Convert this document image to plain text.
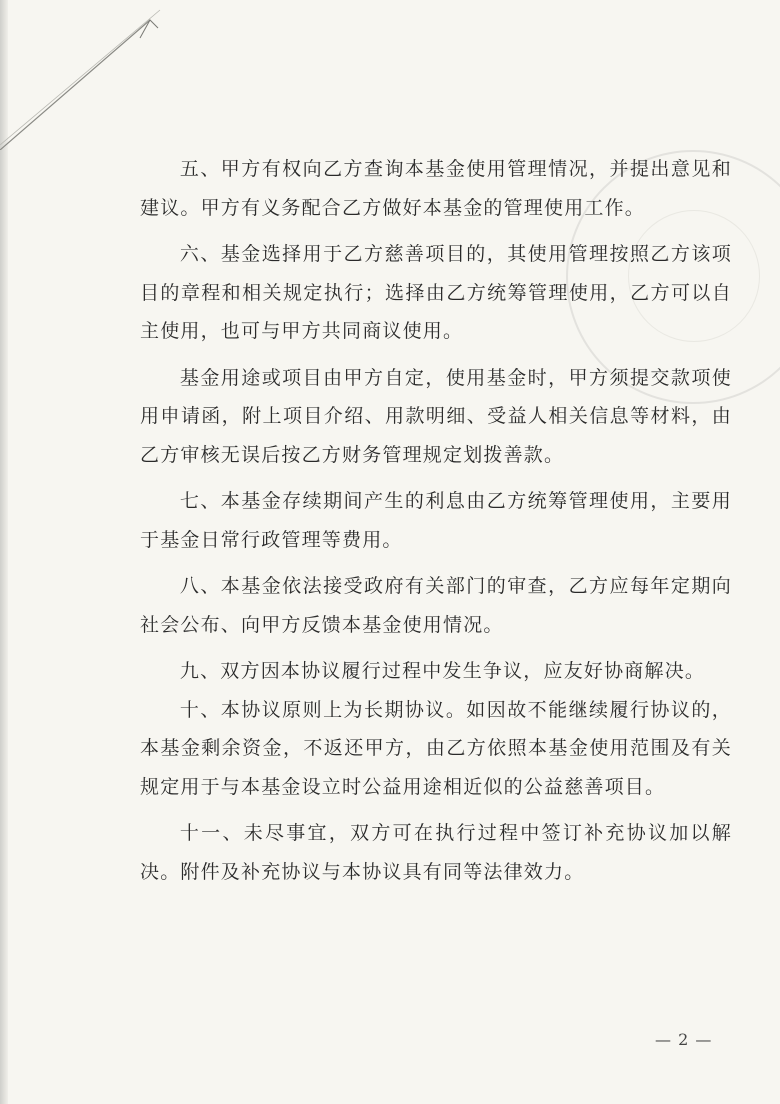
五、甲方有权向乙方查询本基金使用管理情况，并提出意见和建议。甲方有义务配合乙方做好本基金的管理使用工作。

六、基金选择用于乙方慈善项目的，其使用管理按照乙方该项目的章程和相关规定执行；选择由乙方统筹管理使用，乙方可以自主使用，也可与甲方共同商议使用。

基金用途或项目由甲方自定，使用基金时，甲方须提交款项使用申请函，附上项目介绍、用款明细、受益人相关信息等材料，由乙方审核无误后按乙方财务管理规定划拨善款。

七、本基金存续期间产生的利息由乙方统筹管理使用，主要用于基金日常行政管理等费用。

八、本基金依法接受政府有关部门的审查，乙方应每年定期向社会公布、向甲方反馈本基金使用情况。

九、双方因本协议履行过程中发生争议，应友好协商解决。

十、本协议原则上为长期协议。如因故不能继续履行协议的，本基金剩余资金，不返还甲方，由乙方依照本基金使用范围及有关规定用于与本基金设立时公益用途相近似的公益慈善项目。

十一、未尽事宜，双方可在执行过程中签订补充协议加以解决。附件及补充协议与本协议具有同等法律效力。

— 2 —
